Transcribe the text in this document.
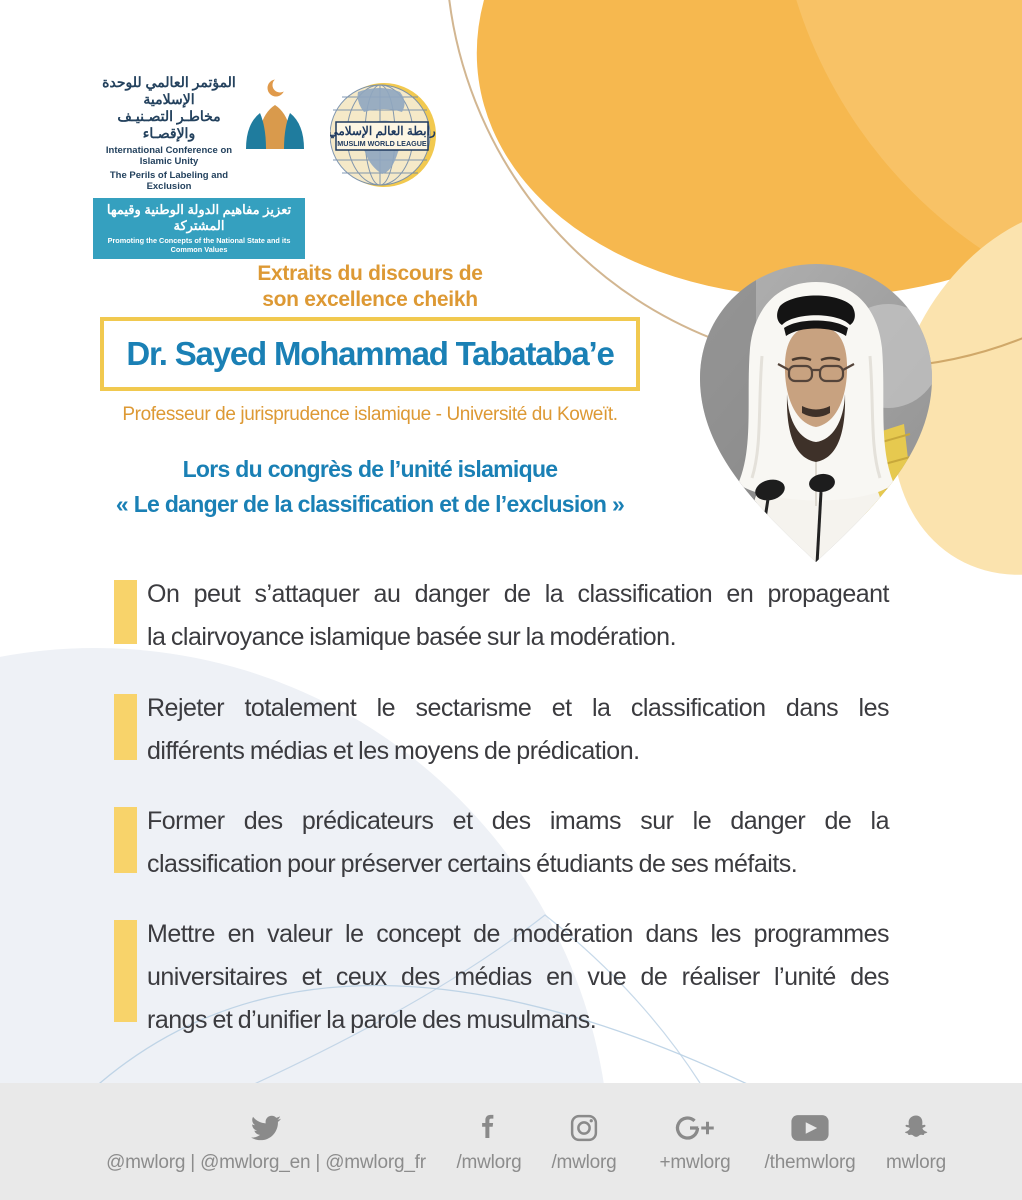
المؤتمر العالمي للوحدة الإسلامية
مخاطـر التصـنيـف والإقصـاء
International Conference on Islamic Unity
The Perils of Labeling and Exclusion
تعزيز مفاهيم الدولة الوطنية وقيمها المشتركة
Promoting the Concepts of the National State and its Common Values
رابطة العالم الإسلامي
MUSLIM WORLD LEAGUE
Extraits du discours de
son excellence cheikh
Dr. Sayed Mohammad Tabataba’e
Professeur de jurisprudence islamique - Université du Koweït.
Lors du congrès de l’unité islamique
« Le danger de la classification et de l’exclusion »
On peut s’attaquer au danger de la classification en propageant
la clairvoyance islamique basée sur la modération.
Rejeter totalement le sectarisme et la classification dans les
différents médias et les moyens de prédication.
Former des prédicateurs et des imams sur le danger de la
classification pour préserver certains étudiants de ses méfaits.
Mettre en valeur le concept de modération dans les programmes
universitaires et ceux des médias en vue de réaliser l’unité des
rangs et d’unifier la parole des musulmans.
@mwlorg | @mwlorg_en | @mwlorg_fr /mwlorg /mwlorg +mwlorg /themwlorg mwlorg
